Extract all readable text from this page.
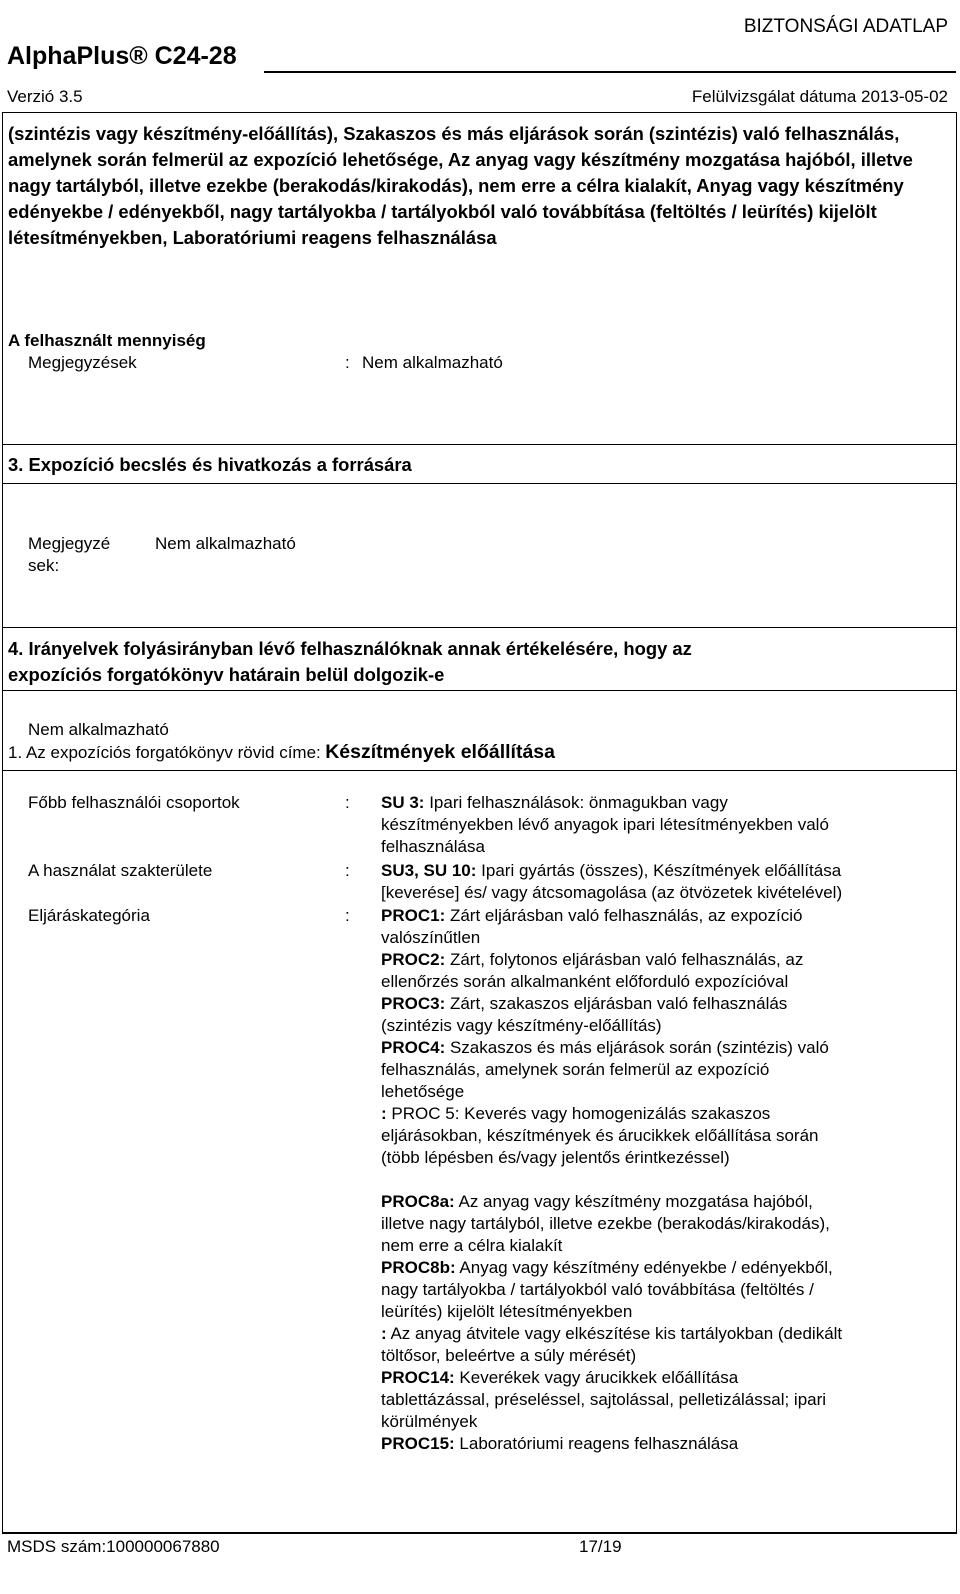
BIZTONSÁGI ADATLAP
AlphaPlus® C24-28
Verzió 3.5	Felülvizsgálat dátuma 2013-05-02
(szintézis vagy készítmény-előállítás), Szakaszos és más eljárások során (szintézis) való felhasználás, amelynek során felmerül az expozíció lehetősége, Az anyag vagy készítmény mozgatása hajóból, illetve nagy tartályból, illetve ezekbe (berakodás/kirakodás), nem erre a célra kialakít, Anyag vagy készítmény edényekbe / edényekből, nagy tartályokba / tartályokból való továbbítása (feltöltés / leürítés) kijelölt létesítményekben, Laboratóriumi reagens felhasználása
A felhasznált mennyiség
Megjegyzések	: Nem alkalmazható
3. Expozíció becslés és hivatkozás a forrására
Megjegyzé
sek:
Nem alkalmazható
4. Irányelvek folyásirányban lévő felhasználóknak annak értékelésére, hogy az
expozíciós forgatókönyv határain belül dolgozik-e
Nem alkalmazható
1. Az expozíciós forgatókönyv rövid címe: Készítmények előállítása
Főbb felhasználói csoportok	: SU 3: Ipari felhasználások: önmagukban vagy

készítményekben lévő anyagok ipari létesítményekben való

felhasználása

A használat szakterülete	: SU3, SU 10: Ipari gyártás (összes), Készítmények előállítása

[keverése] és/ vagy átcsomagolása (az ötvözetek kivételével)

Eljáráskategória	: PROC1: Zárt eljárásban való felhasználás, az expozíció

valószínűtlen

PROC2: Zárt, folytonos eljárásban való felhasználás, az

ellenőrzés során alkalmanként előforduló expozícióval

PROC3: Zárt, szakaszos eljárásban való felhasználás

(szintézis vagy készítmény-előállítás)

PROC4: Szakaszos és más eljárások során (szintézis) való

felhasználás, amelynek során felmerül az expozíció

lehetősége

: PROC 5: Keverés vagy homogenizálás szakaszos

eljárásokban, készítmények és árucikkek előállítása során

(több lépésben és/vagy jelentős érintkezéssel)

PROC8a: Az anyag vagy készítmény mozgatása hajóból,

illetve nagy tartályból, illetve ezekbe (berakodás/kirakodás),

nem erre a célra kialakít

PROC8b: Anyag vagy készítmény edényekbe / edényekből,

nagy tartályokba / tartályokból való továbbítása (feltöltés /

leürítés) kijelölt létesítményekben

: Az anyag átvitele vagy elkészítése kis tartályokban (dedikált

töltősor, beleértve a súly mérését)

PROC14: Keverékek vagy árucikkek előállítása

tablettázással, préseléssel, sajtolással, pelletizálással; ipari

körülmények

PROC15: Laboratóriumi reagens felhasználása

MSDS szám:100000067880	17/19
